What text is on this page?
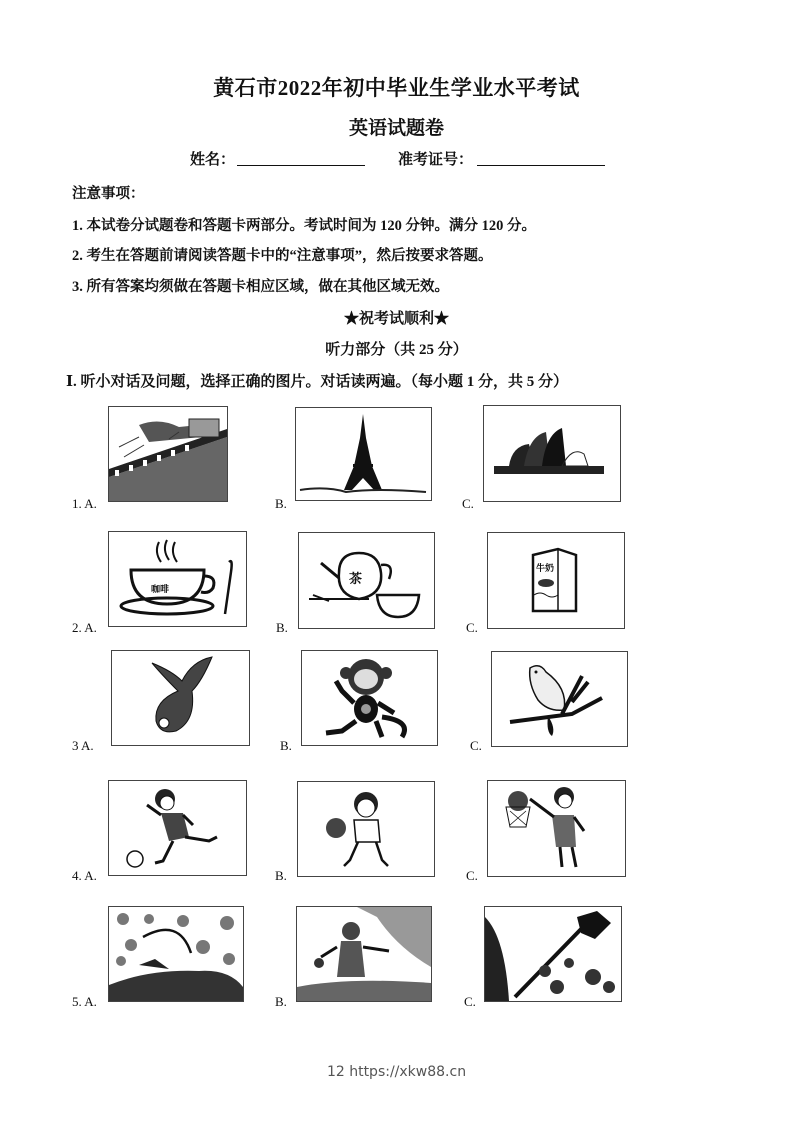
黄石市2022年初中毕业生学业水平考试
英语试题卷
姓名：	准考证号：
注意事项：
1. 本试卷分试题卷和答题卡两部分。考试时间为 120 分钟。满分 120 分。
2. 考生在答题前请阅读答题卡中的“注意事项”，然后按要求答题。
3. 所有答案均须做在答题卡相应区域，做在其他区域无效。
★祝考试顺利★
听力部分（共 25 分）
Ⅰ. 听小对话及问题，选择正确的图片。对话读两遍。（每小题 1 分，共 5 分）
1. A.	B.	C.
2. A.
咖啡
B.
茶
C.
牛奶
3 A.	B.	C.
4. A.	B.	C.
5. A.	B.	C.
12 https://xkw88.cn
